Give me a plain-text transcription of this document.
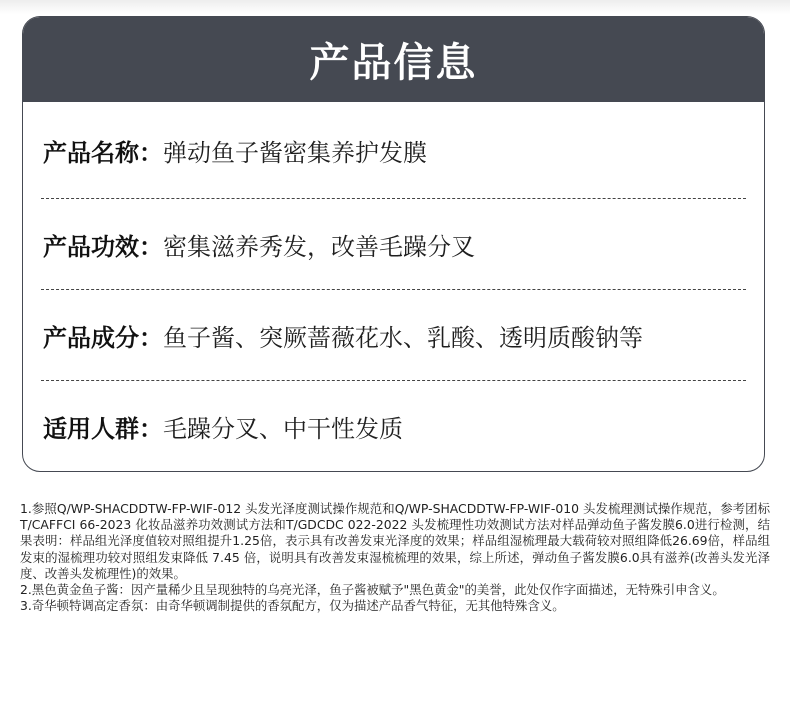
产品信息
产品名称： 弹动鱼子酱密集养护发膜
产品功效： 密集滋养秀发，改善毛躁分叉
产品成分： 鱼子酱、突厥蔷薇花水、乳酸、透明质酸钠等
适用人群： 毛躁分叉、中干性发质

1.参照Q/WP-SHACDDTW-FP-WIF-012 头发光泽度测试操作规范和Q/WP-SHACDDTW-FP-WIF-010 头发梳理测试操作规范，参考团标T/CAFFCI 66-2023 化妆品滋养功效测试方法和T/GDCDC 022-2022 头发梳理性功效测试方法对样品弹动鱼子酱发膜6.0进行检测，结果表明：样品组光泽度值较对照组提升1.25倍，表示具有改善发束光泽度的效果；样品组湿梳理最大载荷较对照组降低26.69倍，样品组发束的湿梳理功较对照组发束降低 7.45 倍，说明具有改善发束湿梳梳理的效果，综上所述，弹动鱼子酱发膜6.0具有滋养(改善头发光泽度、改善头发梳理性)的效果。

2.黑色黄金鱼子酱：因产量稀少且呈现独特的乌亮光泽，鱼子酱被赋予"黑色黄金"的美誉，此处仅作字面描述，无特殊引申含义。

3.奇华顿特调高定香氛：由奇华顿调制提供的香氛配方，仅为描述产品香气特征，无其他特殊含义。
